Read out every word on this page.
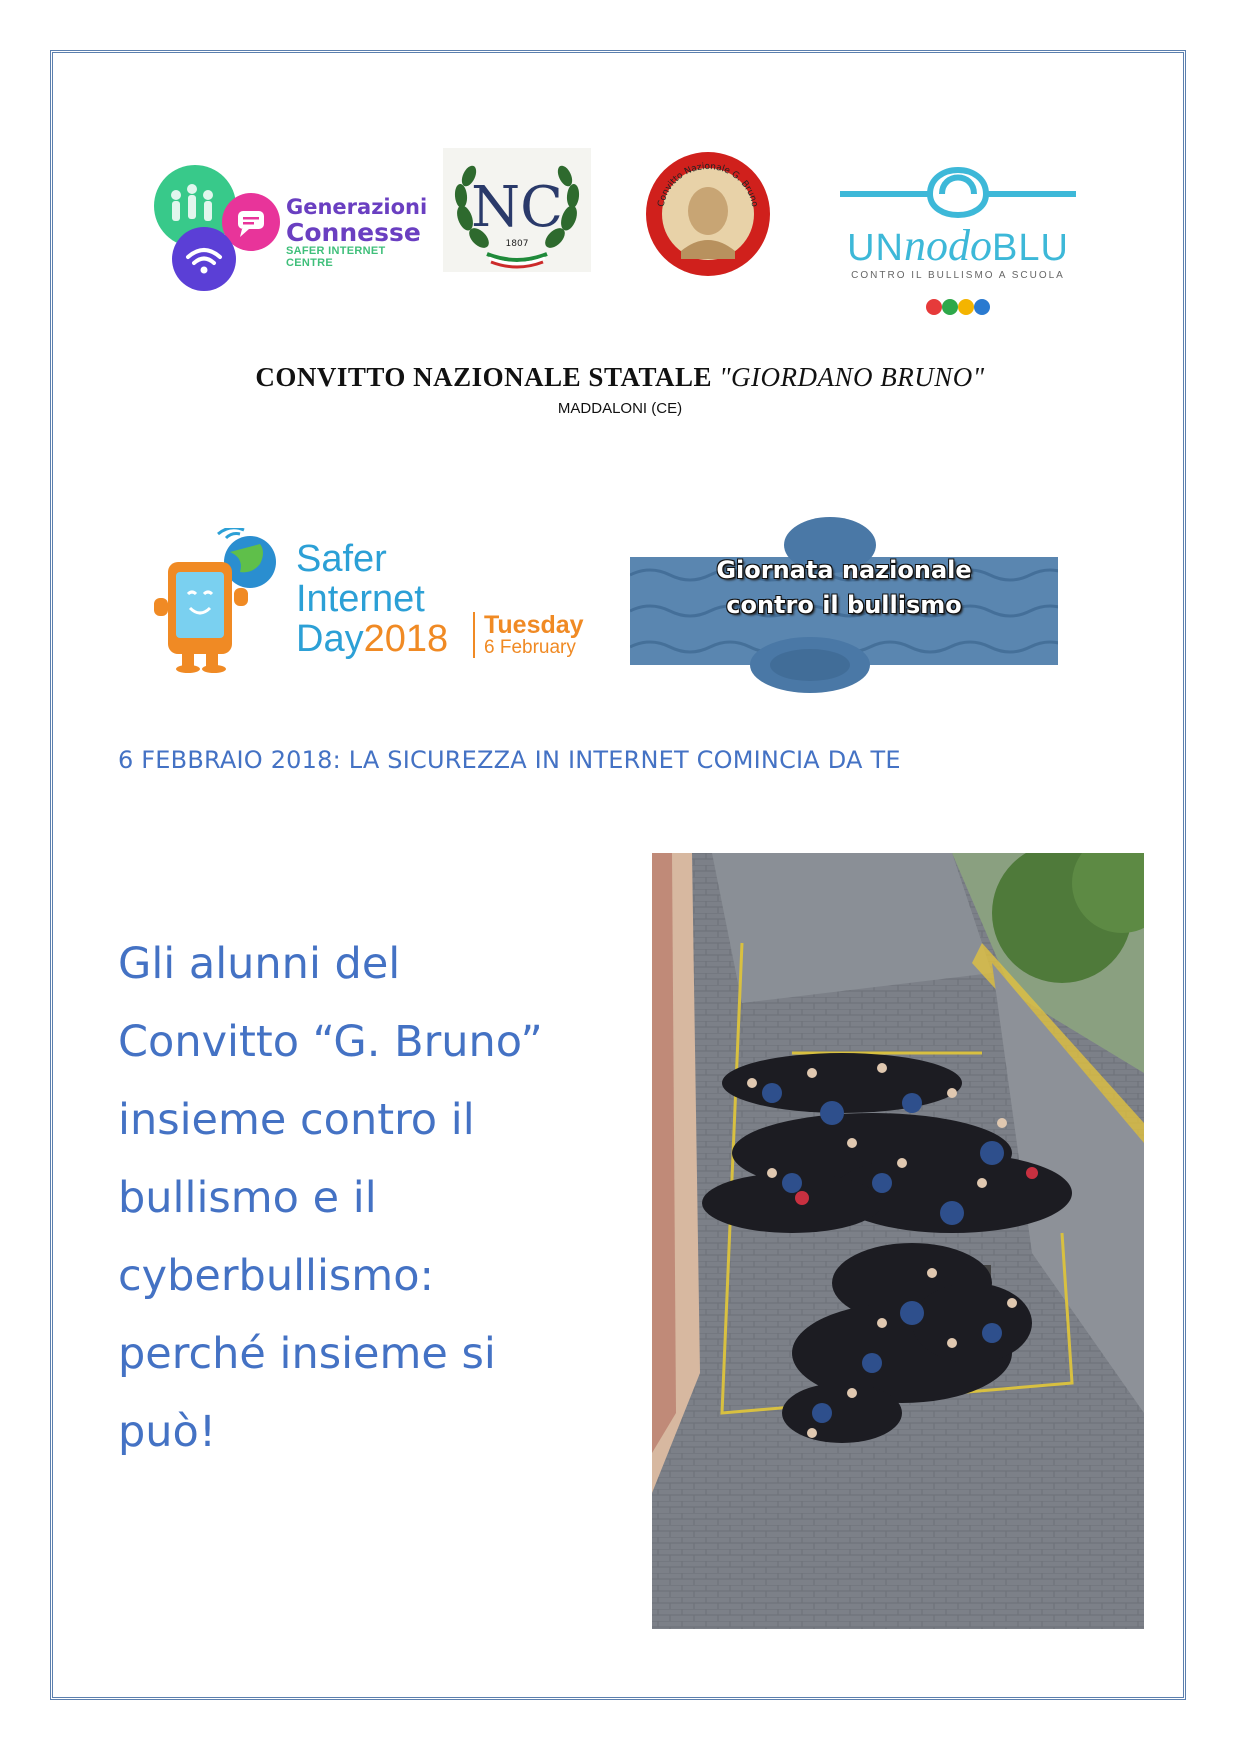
Generazioni
Connesse
SAFER INTERNET CENTRE
NC
1807
Convitto Nazionale G. Bruno
UNnodoBLU
CONTRO IL BULLISMO A SCUOLA
CONVITTO NAZIONALE STATALE "GIORDANO BRUNO"
MADDALONI (CE)
Safer
Internet
Day2018 Tuesday
6 February
Giornata nazionale
contro il bullismo
6 FEBBRAIO 2018: LA SICUREZZA IN INTERNET COMINCIA DA TE
Gli alunni del
Convitto “G. Bruno”
insieme contro il
bullismo e il
cyberbullismo:
perché insieme si
può!
